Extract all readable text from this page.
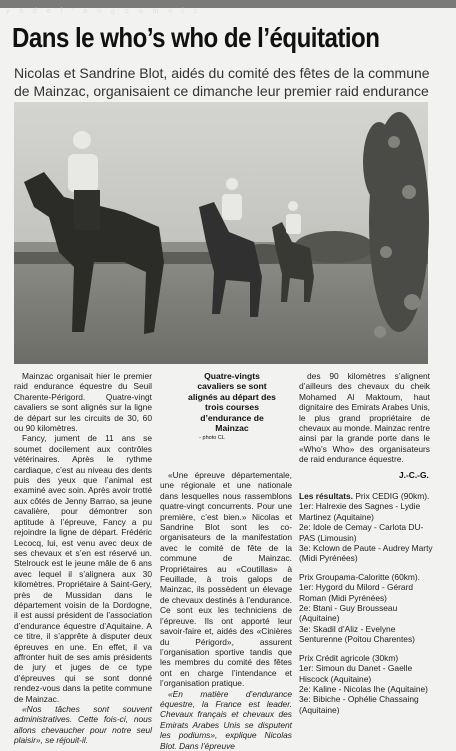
y s d e l ' a n g o u m o i s
Dans le who’s who de l’équitation
Nicolas et Sandrine Blot, aidés du comité des fêtes de la commune de Mainzac, organisaient ce dimanche leur premier raid endurance

Mainzac organisait hier le premier raid endurance équestre du Seuil Charente-Périgord. Quatre-vingt cavaliers se sont alignés sur la ligne de départ sur les circuits de 30, 60 ou 90 kilomètres.

Fancy, jument de 11 ans se soumet docilement aux contrôles vétérinaires. Après le rythme cardiaque, c’est au niveau des dents puis des yeux que l’animal est examiné avec soin. Après avoir trotté aux côtés de Jenny Barrao, sa jeune cavalière, pour démontrer son aptitude à l’épreuve, Fancy a pu rejoindre la ligne de départ. Frédéric Lecocq, lui, est venu avec deux de ses chevaux et s’en est réservé un. Stelrouck est le jeune mâle de 6 ans avec lequel il s’alignera aux 30 kilomètres. Propriétaire à Saint-Gery, près de Mussidan dans le département voisin de la Dordogne, il est aussi président de l’association d’endurance équestre d’Aquitaine. A ce titre, il s’apprête à disputer deux épreuves en une. En effet, il va affronter huit de ses amis présidents de jury et juges de ce type d’épreuves qui se sont donné rendez-vous dans la petite commune de Mainzac.

«Nos tâches sont souvent administratives. Cette fois-ci, nous allons chevaucher pour notre seul plaisir», se réjouit-il.

Quatre-vingts cavaliers se sont alignés au départ des trois courses d’endurance de Mainzac
- photo CL

«Une épreuve départementale, une régionale et une nationale dans lesquelles nous rassemblons quatre-vingt concurrents. Pour une première, c’est bien.» Nicolas et Sandrine Blot sont les co-organisateurs de la manifestation avec le comité de fête de la commune de Mainzac. Propriétaires au «Coutillas» à Feuillade, à trois galops de Mainzac, ils possèdent un élevage de chevaux destinés à l’endurance. Ce sont eux les techniciens de l’épreuve. Ils ont apporté leur savoir-faire et, aidés des «Cinières du Périgord», assurent l’organisation sportive tandis que les membres du comité des fêtes ont en charge l’intendance et l’organisation pratique.

«En matière d’endurance équestre, la France est leader. Chevaux français et chevaux des Emirats Arabes Unis se disputent les podiums», explique Nicolas Blot. Dans l’épreuve

des 90 kilomètres s’alignent d’ailleurs des chevaux du cheik Mohamed Al Maktoum, haut dignitaire des Emirats Arabes Unis, le plus grand propriétaire de chevaux au monde. Mainzac rentre ainsi par la grande porte dans le «Who’s Who» des organisateurs de raid endurance équestre.

J.-C.-G.
Les résultats. Prix CEDIG (90km).
1er: Halrexie des Sagnes - Lydie Martinez (Aquitaine)
2e: Idole de Cemay - Carlota DU-PAS (Limousin)
3e: Kclown de Paute - Audrey Marty (Midi Pyrénées)
Prix Groupama-Caloritte (60km).
1er: Hygord du Milord - Gérard Roman (Midi Pyrénées)
2e: Btani - Guy Brousseau (Aquitaine)
3e: Skadil d’Aliz - Evelyne Senturenne (Poitou Charentes)
Prix Crédit agricole (30km)
1er: Simoun du Danet - Gaelle Hiscock (Aquitaine)
2e: Kaline - Nicolas Ihe (Aquitaine)
3e: Bibiche - Ophélie Chassaing (Aquitaine)
